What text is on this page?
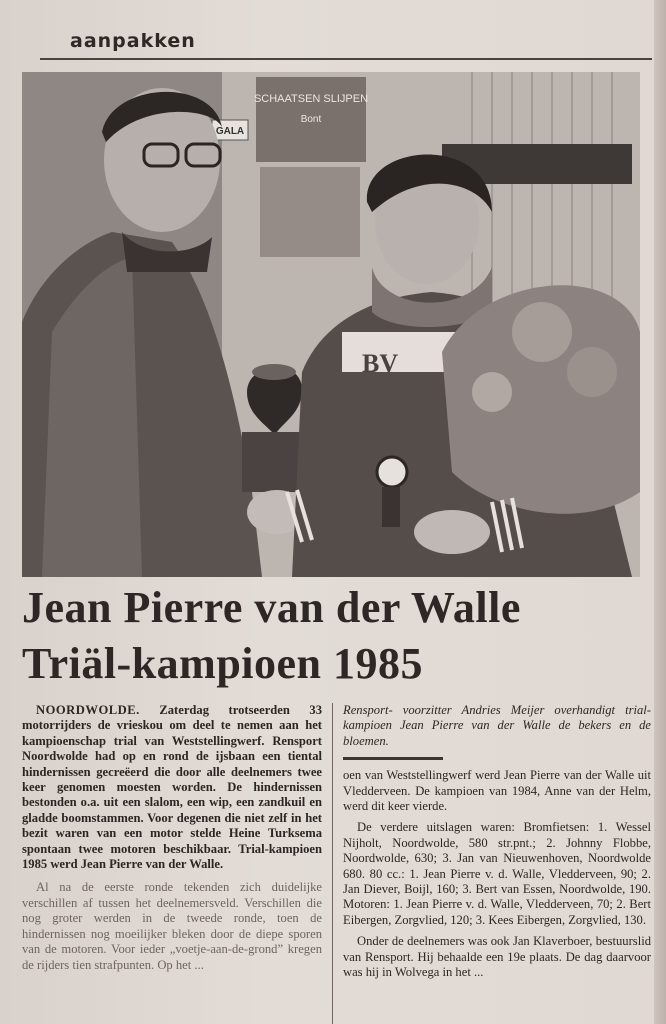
aanpakken
SCHAATSEN SLIJPEN
Bont
GALA
BV
Jean Pierre van der Walle
Triäl-kampioen 1985

NOORDWOLDE. Zaterdag trotseerden 33 motorrijders de vrieskou om deel te nemen aan het kampioenschap trial van Weststellingwerf. Rensport Noordwolde had op en rond de ijsbaan een tiental hindernissen gecreëerd die door alle deelnemers twee keer genomen moesten worden. De hindernissen bestonden o.a. uit een slalom, een wip, een zandkuil en gladde boomstammen. Voor degenen die niet zelf in het bezit waren van een motor stelde Heine Turksema spontaan twee motoren beschikbaar. Trial-kampioen 1985 werd Jean Pierre van der Walle.

Al na de eerste ronde tekenden zich duidelijke verschillen af tussen het deelnemersveld. Verschillen die nog groter werden in de tweede ronde, toen de hindernissen nog moeilijker bleken door de diepe sporen van de motoren. Voor ieder „voetje-aan-de-grond” kregen de rijders tien strafpunten. Op het ...

Rensport- voorzitter Andries Meijer overhandigt trial-kampioen Jean Pierre van der Walle de bekers en de bloemen.

oen van Weststellingwerf werd Jean Pierre van der Walle uit Vledderveen. De kampioen van 1984, Anne van der Helm, werd dit keer vierde.

De verdere uitslagen waren: Bromfietsen: 1. Wessel Nijholt, Noordwolde, 580 str.pnt.; 2. Johnny Flobbe, Noordwolde, 630; 3. Jan van Nieuwenhoven, Noordwolde 680. 80 cc.: 1. Jean Pierre v. d. Walle, Vledderveen, 90; 2. Jan Diever, Boijl, 160; 3. Bert van Essen, Noordwolde, 190. Motoren: 1. Jean Pierre v. d. Walle, Vledderveen, 70; 2. Bert Eibergen, Zorgvlied, 120; 3. Kees Eibergen, Zorgvlied, 130.

Onder de deelnemers was ook Jan Klaverboer, bestuurslid van Rensport. Hij behaalde een 19e plaats. De dag daarvoor was hij in Wolvega in het ...
